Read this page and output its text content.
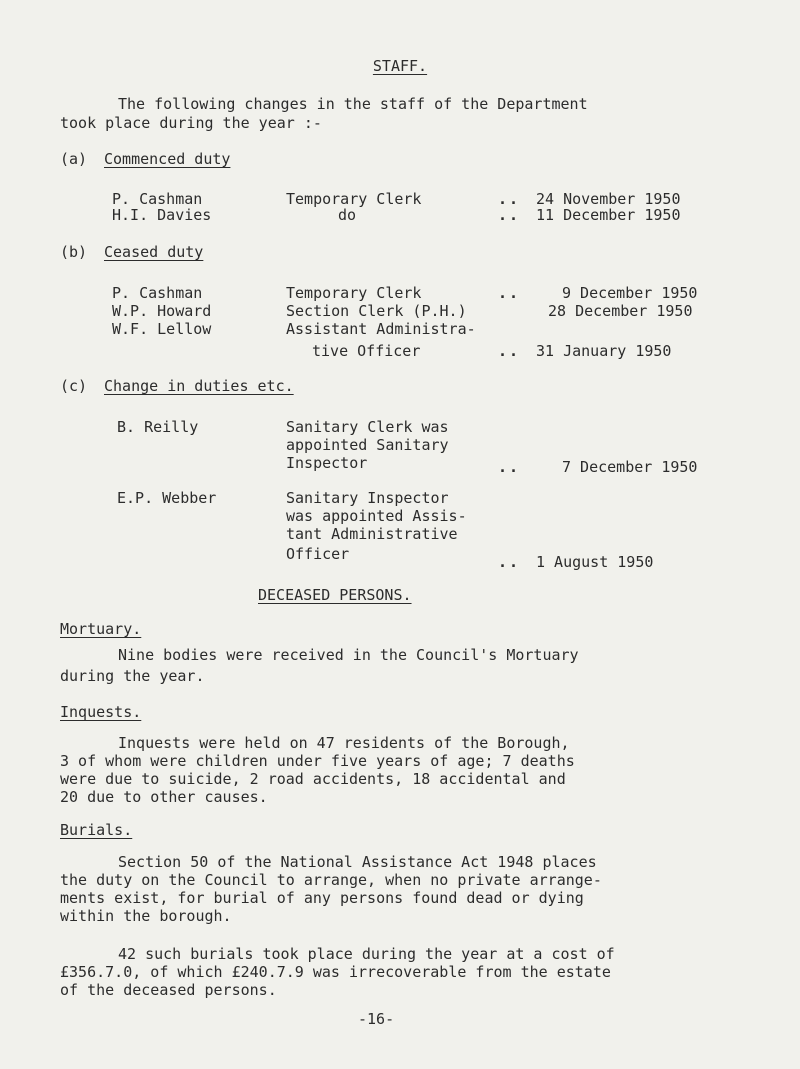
STAFF.
The following changes in the staff of the Department
took place during the year :-
(a) Commenced duty
P. Cashman	Temporary Clerk	.. 24 November 1950
H.I. Davies	do	.. 11 December 1950
(b) Ceased duty
P. Cashman	Temporary Clerk	..	9 December 1950
W.P. Howard	Section Clerk (P.H.)	28 December 1950
W.F. Lellow	Assistant Administra-
tive Officer	.. 31 January 1950
(c) Change in duties etc.
B. Reilly	Sanitary Clerk was
appointed Sanitary
Inspector	..	7 December 1950
E.P. Webber	Sanitary Inspector
was appointed Assis-
tant Administrative
Officer	.. 1 August 1950
DECEASED PERSONS.
Mortuary.
Nine bodies were received in the Council's Mortuary
during the year.
Inquests.
Inquests were held on 47 residents of the Borough,
3 of whom were children under five years of age; 7 deaths
were due to suicide, 2 road accidents, 18 accidental and
20 due to other causes.
Burials.
Section 50 of the National Assistance Act 1948 places
the duty on the Council to arrange, when no private arrange-
ments exist, for burial of any persons found dead or dying
within the borough.
42 such burials took place during the year at a cost of
£356.7.0, of which £240.7.9 was irrecoverable from the estate
of the deceased persons.
-16-
